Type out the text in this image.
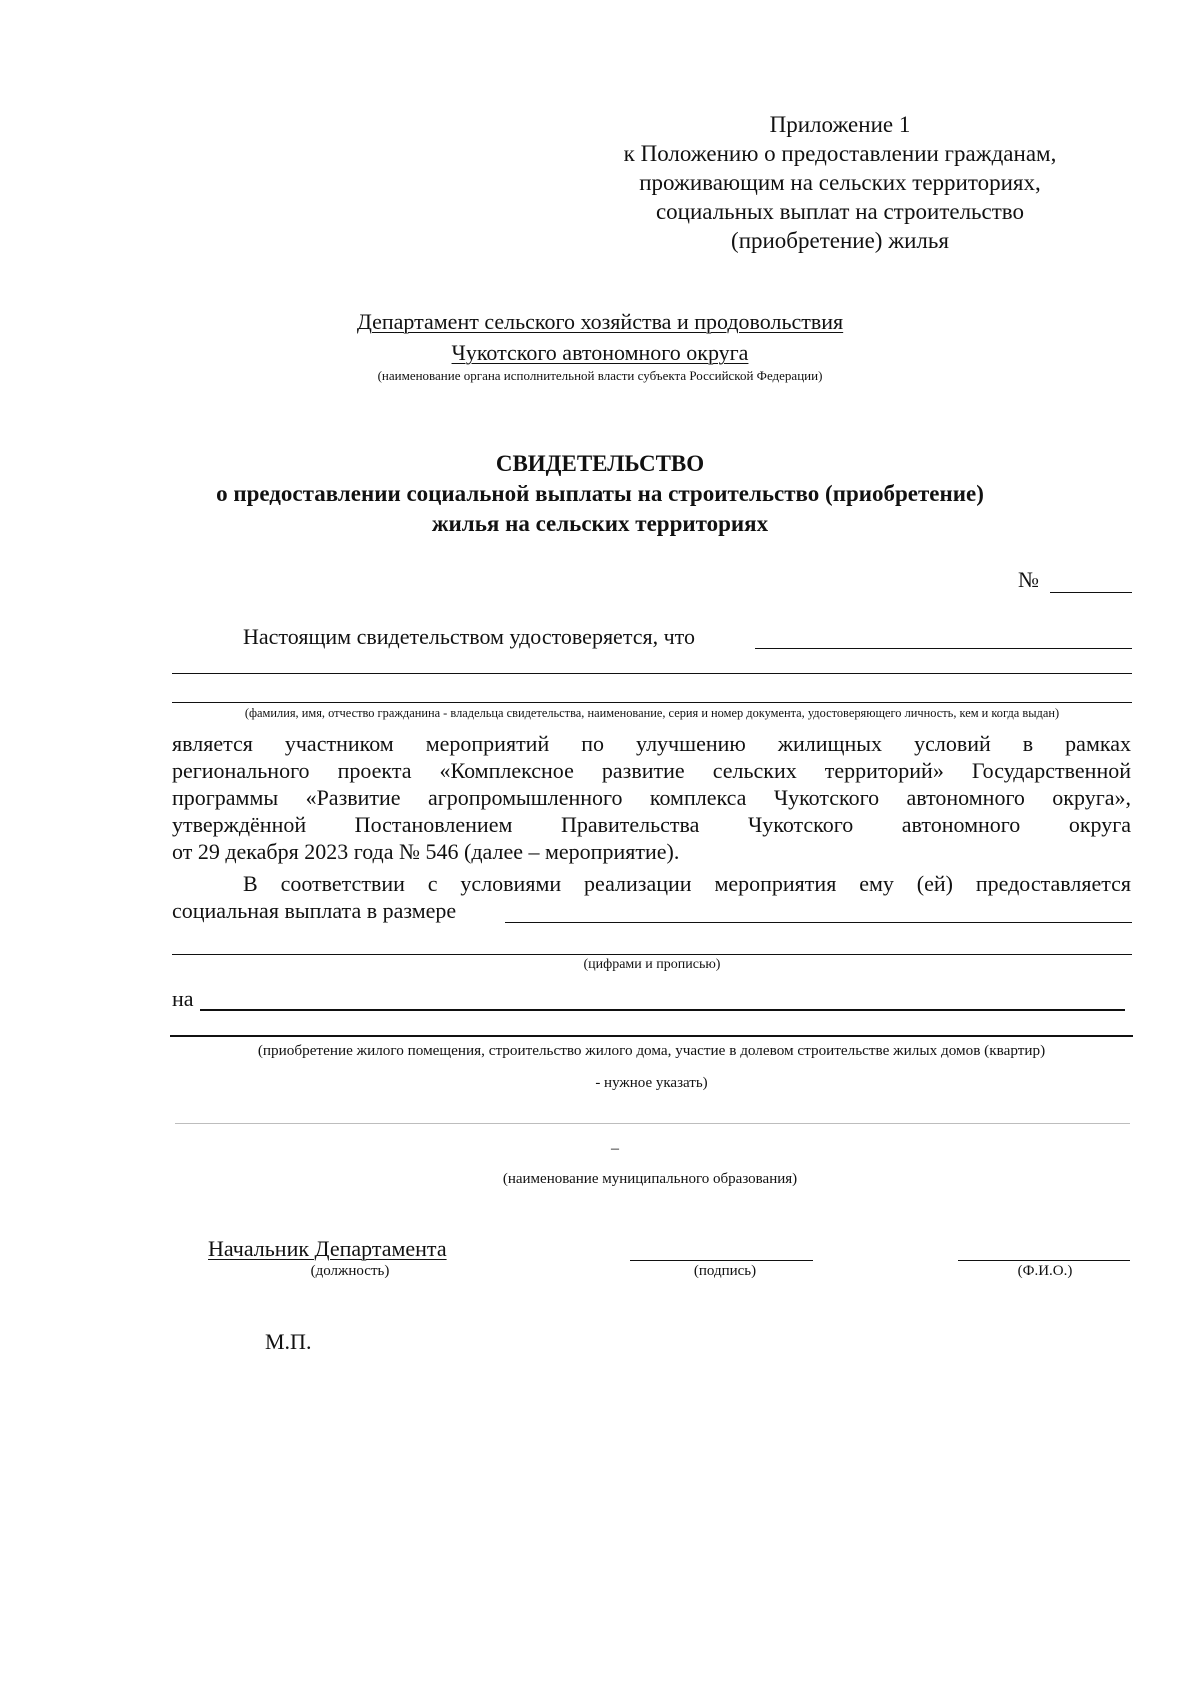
Приложение 1
к Положению о предоставлении гражданам,
проживающим на сельских территориях,
социальных выплат на строительство
(приобретение) жилья
Департамент сельского хозяйства и продовольствия
Чукотского автономного округа
(наименование органа исполнительной власти субъекта Российской Федерации)
СВИДЕТЕЛЬСТВО
о предоставлении социальной выплаты на строительство (приобретение)
жилья на сельских территориях
№
Настоящим свидетельством удостоверяется, что
(фамилия, имя, отчество гражданина - владельца свидетельства, наименование, серия и номер документа, удостоверяющего личность, кем и когда выдан)
является участником мероприятий по улучшению жилищных условий в рамках
регионального проекта «Комплексное развитие сельских территорий» Государственной
программы «Развитие агропромышленного комплекса Чукотского автономного округа»,
утверждённой Постановлением Правительства Чукотского автономного округа
от 29 декабря 2023 года № 546 (далее – мероприятие).
В соответствии с условиями реализации мероприятия ему (ей) предоставляется
социальная выплата в размере
(цифрами и прописью)
на
(приобретение жилого помещения, строительство жилого дома, участие в долевом строительстве жилых домов (квартир)
- нужное указать)
–
(наименование муниципального образования)
Начальник Департамента
(должность)	(подпись)	(Ф.И.О.)
М.П.
